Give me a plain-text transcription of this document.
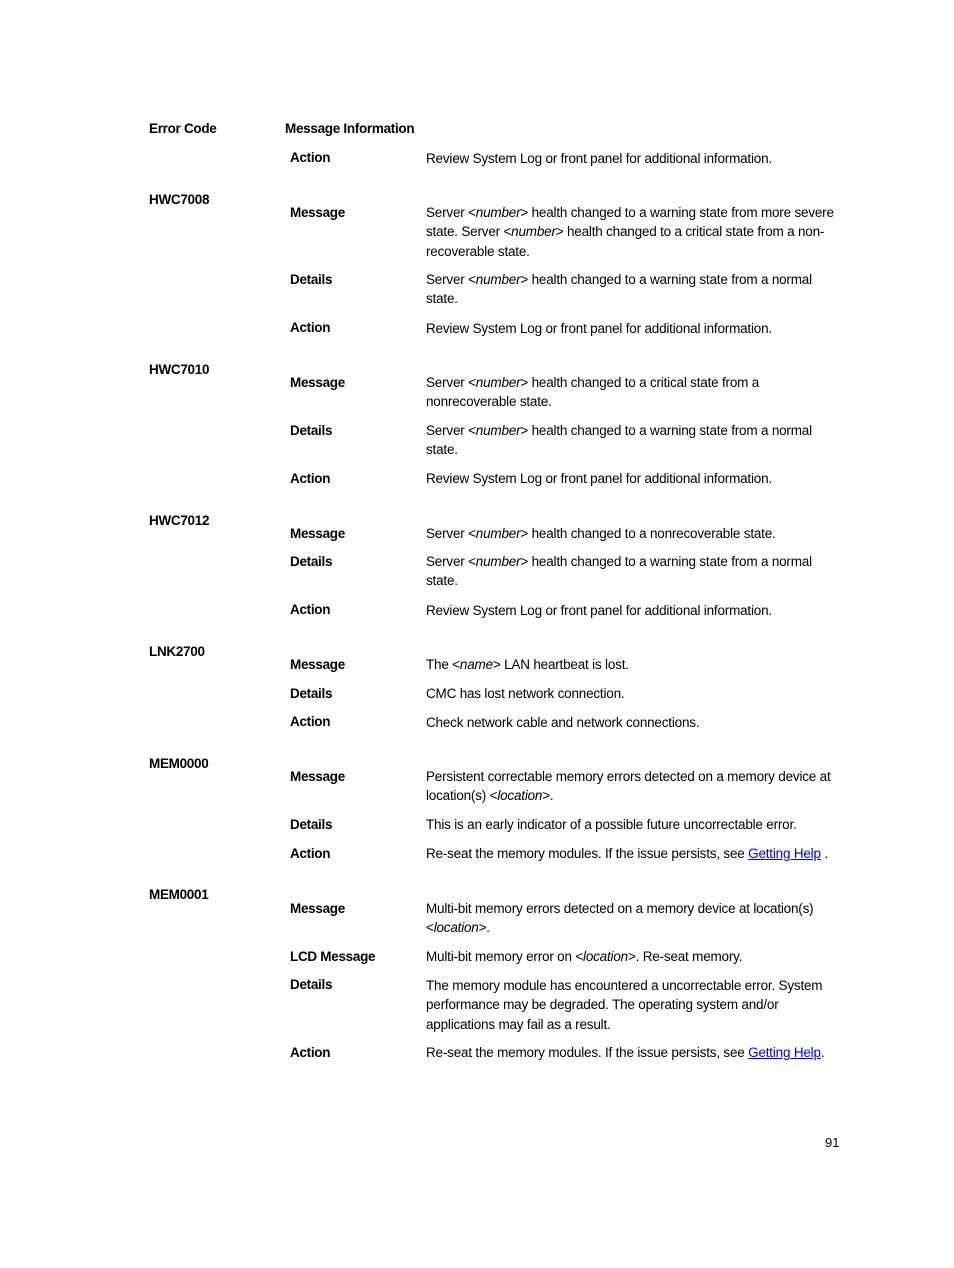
Error Code	Message Information
Action	Review System Log or front panel for additional information.
HWC7008
Message	Server <number> health changed to a warning state from more severe state. Server <number> health changed to a critical state from a non-recoverable state.
Details	Server <number> health changed to a warning state from a normal state.
Action	Review System Log or front panel for additional information.
HWC7010
Message	Server <number> health changed to a critical state from a nonrecoverable state.
Details	Server <number> health changed to a warning state from a normal state.
Action	Review System Log or front panel for additional information.
HWC7012
Message	Server <number> health changed to a nonrecoverable state.
Details	Server <number> health changed to a warning state from a normal state.
Action	Review System Log or front panel for additional information.
LNK2700
Message	The <name> LAN heartbeat is lost.
Details	CMC has lost network connection.
Action	Check network cable and network connections.
MEM0000
Message	Persistent correctable memory errors detected on a memory device at location(s) <location>.
Details	This is an early indicator of a possible future uncorrectable error.
Action	Re-seat the memory modules. If the issue persists, see Getting Help .
MEM0001
Message	Multi-bit memory errors detected on a memory device at location(s) <location>.
LCD Message	Multi-bit memory error on <location>. Re-seat memory.
Details	The memory module has encountered a uncorrectable error. System performance may be degraded. The operating system and/or applications may fail as a result.
Action	Re-seat the memory modules. If the issue persists, see Getting Help.
91
